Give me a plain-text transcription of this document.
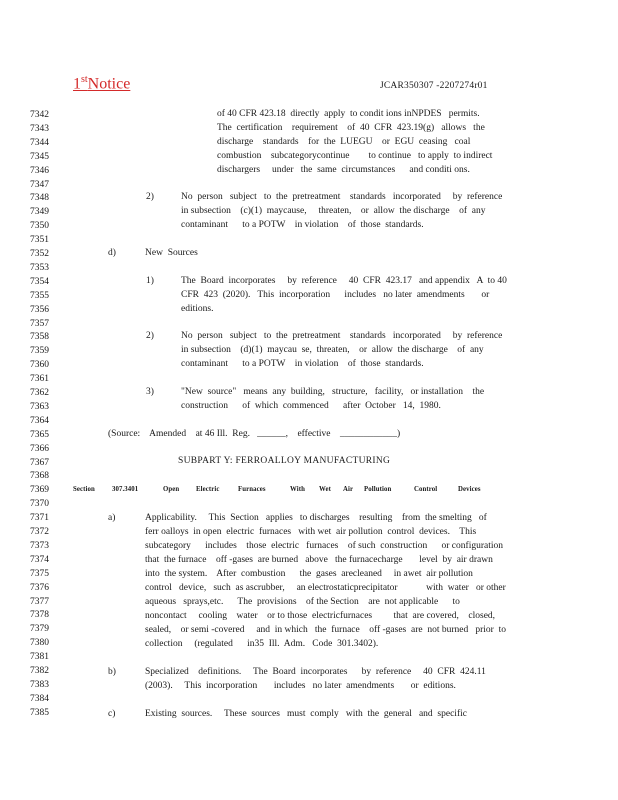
1stNotice	JCAR350307 -2207274r01
7342
7343
7344
7345
7346
7347
7348
7349
7350
7351
7352
7353
7354
7355
7356
7357
7358
7359
7360
7361
7362
7363
7364
7365
7366
7367
7368
7369
7370
7371
7372
7373
7374
7375
7376
7377
7378
7379
7380
7381
7382
7383
7384
7385
of 40 CFR 423.18  directly  apply  to condit ions inNPDES   permits.
The  certification    requirement    of  40  CFR  423.19(g)   allows   the
discharge    standards    for  the  LUEGU    or  EGU  ceasing   coal
combustion    subcategorycontinue        to continue   to apply  to indirect
dischargers     under   the  same  circumstances      and conditi ons.
2)	No  person   subject   to  the  pretreatment    standards   incorporated     by  reference
in subsection    (c)(1)  maycause,     threaten,    or  allow  the discharge    of  any
contaminant      to a POTW    in violation    of  those  standards.
d)	New  Sources
1)	The  Board  incorporates     by  reference     40  CFR  423.17   and appendix   A  to 40
CFR  423  (2020).   This  incorporation      includes   no later  amendments       or
editions.
2)	No  person   subject   to  the  pretreatment    standards   incorporated     by  reference
in subsection    (d)(1)  maycau  se,  threaten,    or  allow  the discharge    of  any
contaminant      to a POTW    in violation    of  those  standards.
3)	"New  source"   means  any  building,   structure,   facility,   or installation    the
construction      of  which  commenced      after  October   14,  1980.
(Source:    Amended    at 46 Ill.  Reg.   ______,    effective    ____________)
SUBPART Y: FERROALLOY MANUFACTURING
Section	307.3401	Open Electric	Furnaces	With Wet Air Pollution	Control	Devices
a)	Applicability.     This  Section   applies   to discharges    resulting    from  the smelting   of
ferr oalloys  in open  electric  furnaces   with wet  air pollution  control  devices.    This
subcategory      includes    those  electric   furnaces    of such  construction      or configuration
that  the furnace    off -gases  are burned   above   the furnacecharge       level  by  air drawn
into  the system.    After  combustion      the  gases  arecleaned     in awet  air pollution
control   device,   such  as ascrubber,     an electrostaticprecipitator            with  water   or other
aqueous   sprays,etc.      The  provisions    of the Section    are  not applicable      to
noncontact     cooling    water    or to those  electricfurnaces         that  are covered,    closed,
sealed,    or semi -covered     and  in which   the  furnace    off -gases  are  not burned   prior  to
collection     (regulated      in35  Ill.  Adm.   Code  301.3402).
b)	Specialized    definitions.     The  Board  incorporates      by  reference     40  CFR  424.11
(2003).     This  incorporation       includes   no later  amendments       or  editions.
c)	Existing  sources.     These  sources   must  comply   with  the  general   and  specific
